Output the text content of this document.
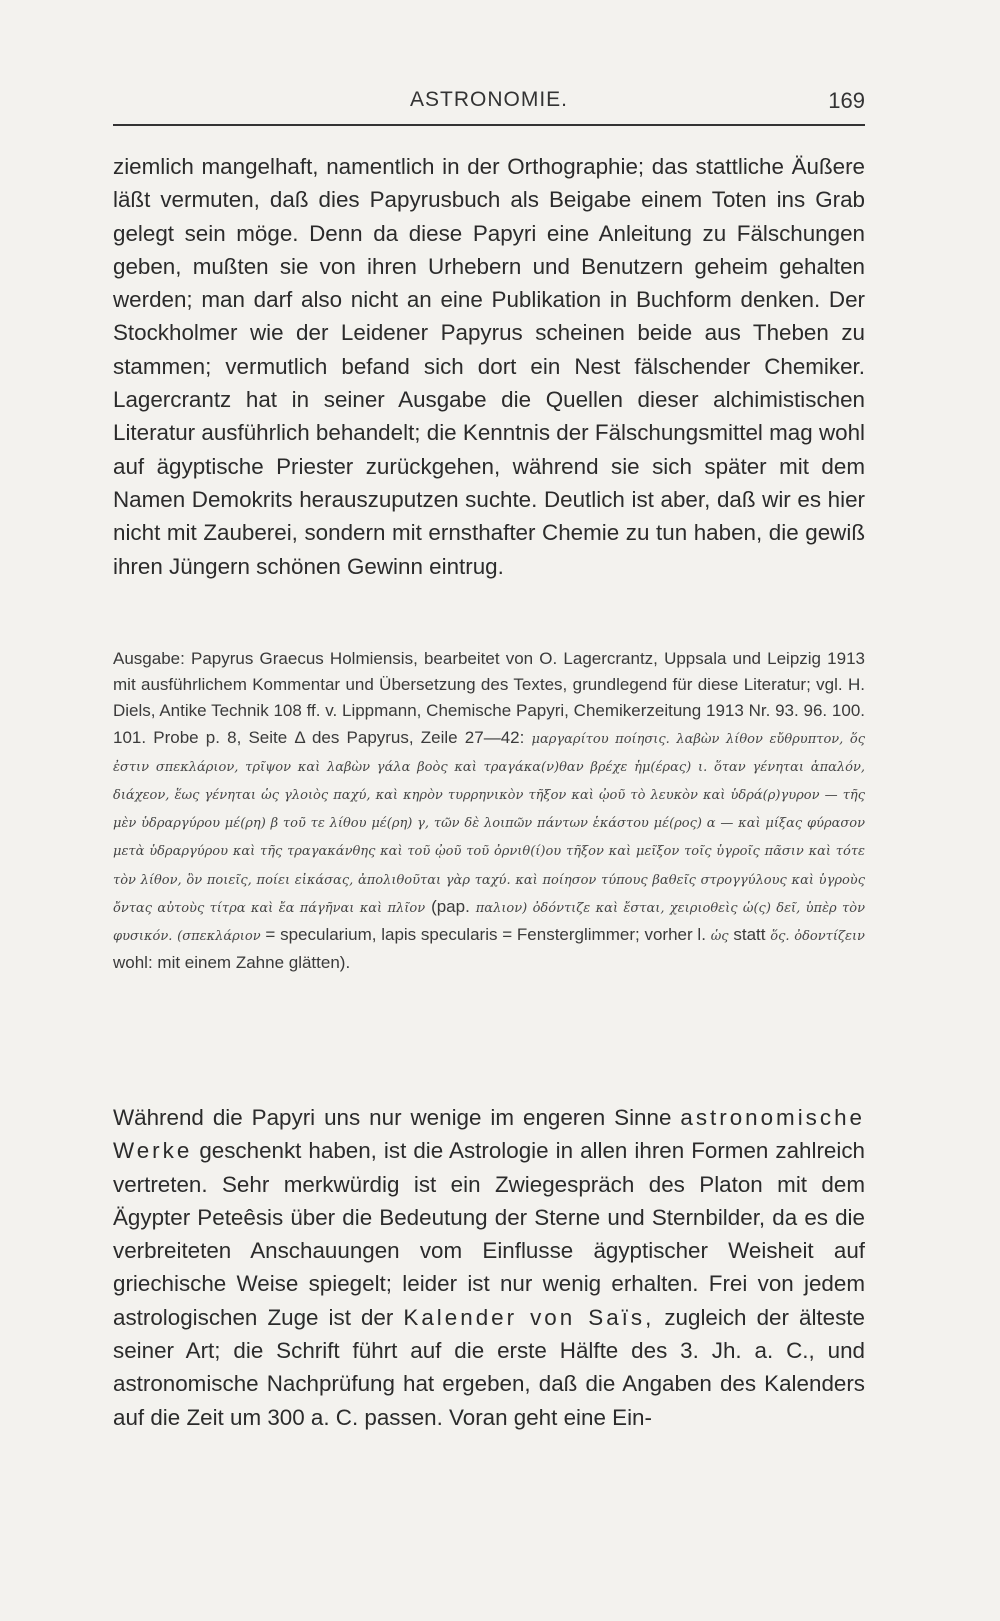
ASTRONOMIE.	169

ziemlich mangelhaft, namentlich in der Orthographie; das stattliche Äußere läßt vermuten, daß dies Papyrusbuch als Beigabe einem Toten ins Grab gelegt sein möge. Denn da diese Papyri eine Anleitung zu Fälschungen geben, mußten sie von ihren Urhebern und Benutzern geheim gehalten werden; man darf also nicht an eine Publikation in Buchform denken. Der Stockholmer wie der Leidener Papyrus scheinen beide aus Theben zu stammen; vermutlich befand sich dort ein Nest fälschender Chemiker. Lagercrantz hat in seiner Ausgabe die Quellen dieser alchimistischen Literatur ausführlich behandelt; die Kenntnis der Fälschungsmittel mag wohl auf ägyptische Priester zurückgehen, während sie sich später mit dem Namen Demokrits herauszuputzen suchte. Deutlich ist aber, daß wir es hier nicht mit Zauberei, sondern mit ernsthafter Chemie zu tun haben, die gewiß ihren Jüngern schönen Gewinn eintrug.

Ausgabe: Papyrus Graecus Holmiensis, bearbeitet von O. Lagercrantz, Uppsala und Leipzig 1913 mit ausführlichem Kommentar und Übersetzung des Textes, grundlegend für diese Literatur; vgl. H. Diels, Antike Technik 108 ff. v. Lippmann, Chemische Papyri, Chemikerzeitung 1913 Nr. 93. 96. 100. 101. Probe p. 8, Seite Δ des Papyrus, Zeile 27—42: μαργαρίτου ποίησις. λαβὼν λίθον εὔθρυπτον, ὅς ἐστιν σπεκλάριον, τρῖψον καὶ λαβὼν γάλα βοὸς καὶ τραγάκα(ν)θαν βρέχε ἡμ(έρας) ι. ὅταν γένηται ἁπαλόν, διάχεον, ἕως γένηται ὡς γλοιὸς παχύ, καὶ κηρὸν τυρρηνικὸν τῆξον καὶ ᾠοῦ τὸ λευκὸν καὶ ὑδρά(ρ)γυρον — τῆς μὲν ὑδραργύρου μέ(ρη) β τοῦ τε λίθου μέ(ρη) γ, τῶν δὲ λοιπῶν πάντων ἑκάστου μέ(ρος) α — καὶ μίξας φύρασον μετὰ ὑδραργύρου καὶ τῆς τραγακάνθης καὶ τοῦ ᾠοῦ τοῦ ὀρνιθ(ί)ου τῆξον καὶ μεῖξον τοῖς ὑγροῖς πᾶσιν καὶ τότε τὸν λίθον, ὃν ποιεῖς, ποίει εἰκάσας, ἀπολιθοῦται γὰρ ταχύ. καὶ ποίησον τύπους βαθεῖς στρογγύλους καὶ ὑγροὺς ὄντας αὐτοὺς τίτρα καὶ ἔα πάγῆναι καὶ πλῖον (pap. παλιον) ὀδόντιζε καὶ ἔσται, χειριοθεὶς ὡ(ς) δεῖ, ὑπὲρ τὸν φυσικόν. (σπεκλάριον = specularium, lapis specularis = Fensterglimmer; vorher l. ὡς statt ὅς. ὀδοντίζειν wohl: mit einem Zahne glätten).

Während die Papyri uns nur wenige im engeren Sinne astronomische Werke geschenkt haben, ist die Astrologie in allen ihren Formen zahlreich vertreten. Sehr merkwürdig ist ein Zwiegespräch des Platon mit dem Ägypter Peteêsis über die Bedeutung der Sterne und Sternbilder, da es die verbreiteten Anschauungen vom Einflusse ägyptischer Weisheit auf griechische Weise spiegelt; leider ist nur wenig erhalten. Frei von jedem astrologischen Zuge ist der Kalender von Saïs, zugleich der älteste seiner Art; die Schrift führt auf die erste Hälfte des 3. Jh. a. C., und astronomische Nachprüfung hat ergeben, daß die Angaben des Kalenders auf die Zeit um 300 a. C. passen. Voran geht eine Ein-
